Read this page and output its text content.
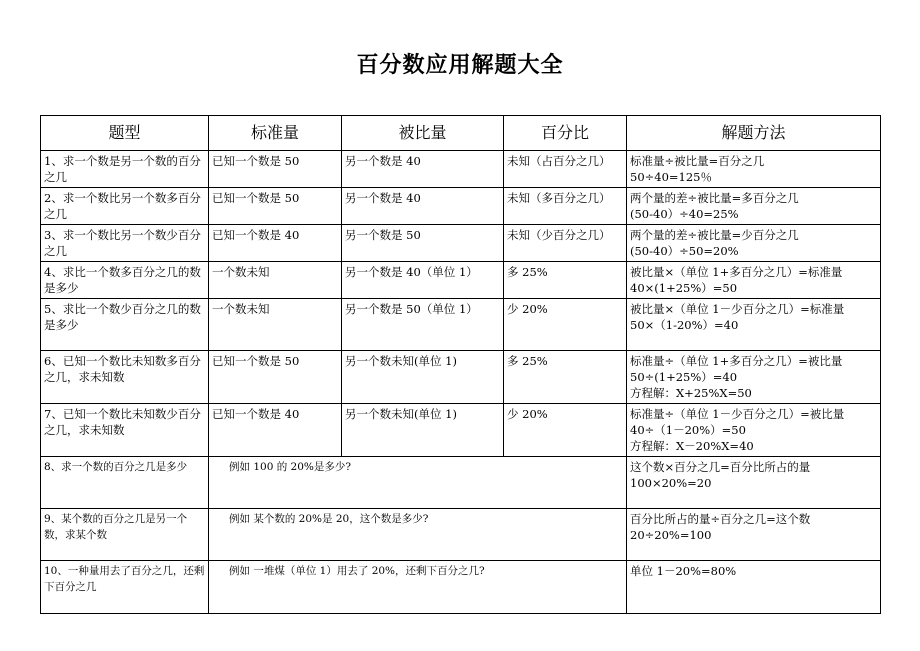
百分数应用解题大全
题型	标准量	被比量	百分比	解题方法
1、求一个数是另一个数的百分之几	已知一个数是 50	另一个数是 40	未知（占百分之几）	标准量÷被比量=百分之几
50÷40=125％

2、求一个数比另一个数多百分之几	已知一个数是 50	另一个数是 40	未知（多百分之几）	两个量的差÷被比量=多百分之几
(50-40）÷40=25%

3、求一个数比另一个数少百分之几	已知一个数是 40	另一个数是 50	未知（少百分之几）	两个量的差÷被比量=少百分之几
(50-40）÷50=20%

4、求比一个数多百分之几的数是多少	一个数未知	另一个数是 40（单位 1）	多 25%	被比量×（单位 1+多百分之几）=标准量
40×(1+25%）=50

5、求比一个数少百分之几的数是多少	一个数未知	另一个数是 50（单位 1）	少 20%	被比量×（单位 1－少百分之几）=标准量
50×（1-20%）=40

6、已知一个数比未知数多百分之几，求未知数	已知一个数是 50	另一个数未知(单位 1)	多 25%	标准量÷（单位 1+多百分之几）=被比量
50÷(1+25%）=40
方程解：X+25%X=50

7、已知一个数比未知数少百分之几，求未知数	已知一个数是 40	另一个数未知(单位 1)	少 20%	标准量÷（单位 1－少百分之几）=被比量
40÷（1－20%）=50
方程解：X－20%X=40

8、求一个数的百分之几是多少	例如 100 的 20%是多少?			这个数×百分之几=百分比所占的量
100×20%=20

9、某个数的百分之几是另一个数，求某个数	例如 某个数的 20%是 20，这个数是多少?			百分比所占的量÷百分之几=这个数
20÷20%=100

10、一种量用去了百分之几，还剩下百分之几	例如 一堆煤（单位 1）用去了 20%，还剩下百分之几?			单位 1－20%=80%
